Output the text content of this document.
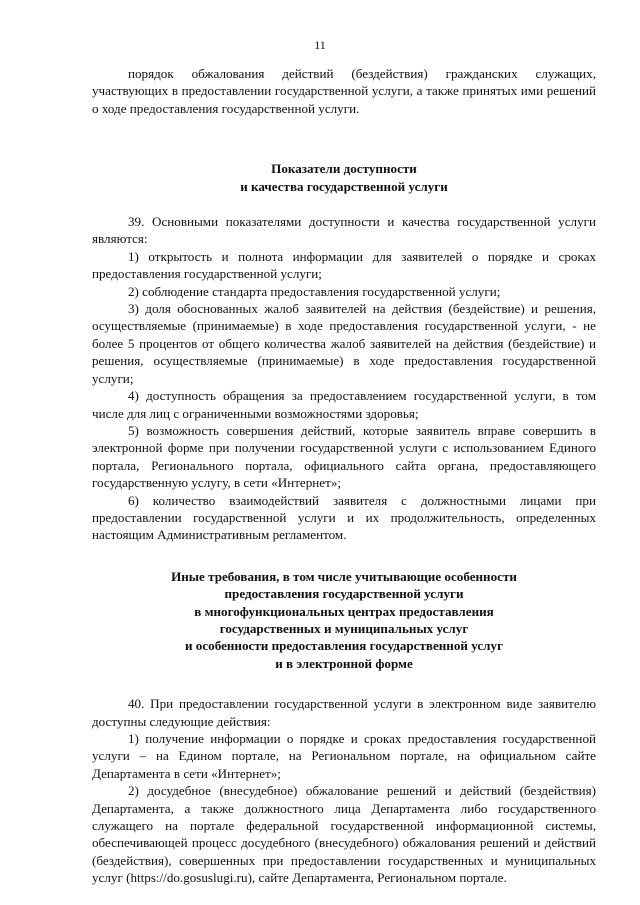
11

порядок обжалования действий (бездействия) гражданских служащих, участвующих в предоставлении государственной услуги, а также принятых ими решений о ходе предоставления государственной услуги.

Показатели доступности

и качества государственной услуги

39. Основными показателями доступности и качества государственной услуги являются:

1) открытость и полнота информации для заявителей о порядке и сроках предоставления государственной услуги;

2) соблюдение стандарта предоставления государственной услуги;

3) доля обоснованных жалоб заявителей на действия (бездействие) и решения, осуществляемые (принимаемые) в ходе предоставления государственной услуги, - не более 5 процентов от общего количества жалоб заявителей на действия (бездействие) и решения, осуществляемые (принимаемые) в ходе предоставления государственной услуги;

4) доступность обращения за предоставлением государственной услуги, в том числе для лиц с ограниченными возможностями здоровья;

5) возможность совершения действий, которые заявитель вправе совершить в электронной форме при получении государственной услуги с использованием Единого портала, Регионального портала, официального сайта органа, предоставляющего государственную услугу, в сети «Интернет»;

6) количество взаимодействий заявителя с должностными лицами при предоставлении государственной услуги и их продолжительность, определенных настоящим Административным регламентом.

Иные требования, в том числе учитывающие особенности

предоставления государственной услуги

в многофункциональных центрах предоставления

государственных и муниципальных услуг

и особенности предоставления государственной услуг

и в электронной форме

40. При предоставлении государственной услуги в электронном виде заявителю доступны следующие действия:

1) получение информации о порядке и сроках предоставления государственной услуги – на Едином портале, на Региональном портале, на официальном сайте Департамента в сети «Интернет»;

2) досудебное (внесудебное) обжалование решений и действий (бездействия) Департамента, а также должностного лица Департамента либо государственного служащего на портале федеральной государственной информационной системы, обеспечивающей процесс досудебного (внесудебного) обжалования решений и действий (бездействия), совершенных при предоставлении государственных и муниципальных услуг (https://do.gosuslugi.ru), сайте Департамента, Региональном портале.
